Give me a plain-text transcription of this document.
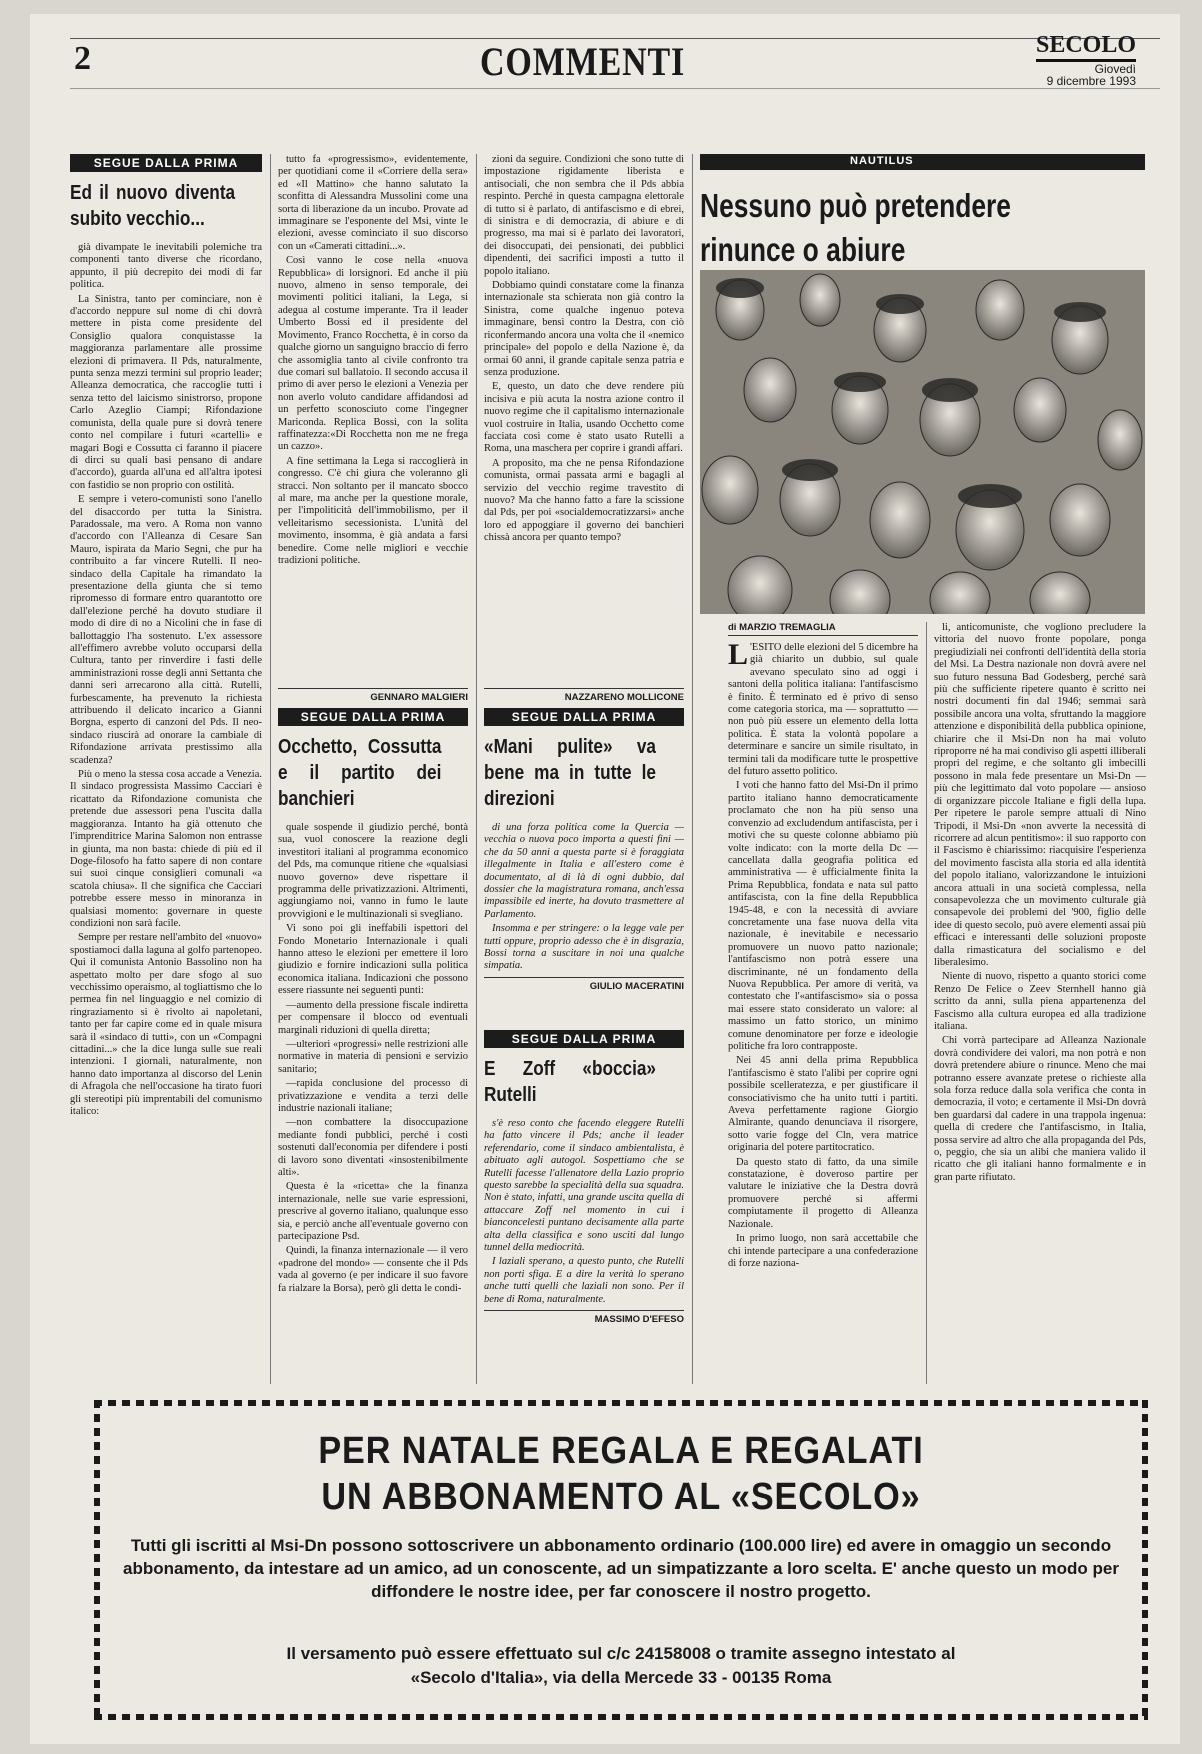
2	COMMENTI	SECOLO
Giovedì
9 dicembre 1993
SEGUE DALLA PRIMA
Ed il nuovo diventa subito vecchio...

già divampate le inevitabili polemiche tra componenti tanto diverse che ricordano, appunto, il più decrepito dei modi di far politica.

La Sinistra, tanto per cominciare, non è d'accordo neppure sul nome di chi dovrà mettere in pista come presidente del Consiglio qualora conquistasse la maggioranza parlamentare alle prossime elezioni di primavera. Il Pds, naturalmente, punta senza mezzi termini sul proprio leader; Alleanza democratica, che raccoglie tutti i senza tetto del laicismo sinistrorso, propone Carlo Azeglio Ciampi; Rifondazione comunista, della quale pure si dovrà tenere conto nel compilare i futuri «cartelli» e magari Bogi e Cossutta ci faranno il piacere di dirci su quali basi pensano di andare d'accordo), guarda all'una ed all'altra ipotesi con fastidio se non proprio con ostilità.

E sempre i vetero-comunisti sono l'anello del disaccordo per tutta la Sinistra. Paradossale, ma vero. A Roma non vanno d'accordo con l'Alleanza di Cesare San Mauro, ispirata da Mario Segni, che pur ha contribuito a far vincere Rutelli. Il neo-sindaco della Capitale ha rimandato la presentazione della giunta che si temo ripromesso di formare entro quarantotto ore dall'elezione perché ha dovuto studiare il modo di dire di no a Nicolini che in fase di ballottaggio l'ha sostenuto. L'ex assessore all'effimero avrebbe voluto occuparsi della Cultura, tanto per rinverdire i fasti delle amministrazioni rosse degli anni Settanta che danni seri arrecarono alla città. Rutelli, furbescamente, ha prevenuto la richiesta attribuendo il delicato incarico a Gianni Borgna, esperto di canzoni del Pds. Il neo-sindaco riuscirà ad onorare la cambiale di Rifondazione arrivata prestissimo alla scadenza?

Più o meno la stessa cosa accade a Venezia. Il sindaco progressista Massimo Cacciari è ricattato da Rifondazione comunista che pretende due assessori pena l'uscita dalla maggioranza. Intanto ha già ottenuto che l'imprenditrice Marina Salomon non entrasse in giunta, ma non basta: chiede di più ed il Doge-filosofo ha fatto sapere di non contare sui suoi cinque consiglieri comunali «a scatola chiusa». Il che significa che Cacciari potrebbe essere messo in minoranza in qualsiasi momento: governare in queste condizioni non sarà facile.

Sempre per restare nell'ambito del «nuovo» spostiamoci dalla laguna al golfo partenopeo. Qui il comunista Antonio Bassolino non ha aspettato molto per dare sfogo al suo vecchissimo operaismo, al togliattismo che lo permea fin nel linguaggio e nel comizio di ringraziamento si è rivolto ai napoletani, tanto per far capire come ed in quale misura sarà il «sindaco di tutti», con un «Compagni cittadini...» che la dice lunga sulle sue reali intenzioni. I giornali, naturalmente, non hanno dato importanza al discorso del Lenin di Afragola che nell'occasione ha tirato fuori gli stereotipi più imprentabili del comunismo italico:

tutto fa «progressismo», evidentemente, per quotidiani come il «Corriere della sera» ed «Il Mattino» che hanno salutato la sconfitta di Alessandra Mussolini come una sorta di liberazione da un incubo. Provate ad immaginare se l'esponente del Msi, vinte le elezioni, avesse cominciato il suo discorso con un «Camerati cittadini...».

Così vanno le cose nella «nuova Repubblica» di lorsignori. Ed anche il più nuovo, almeno in senso temporale, dei movimenti politici italiani, la Lega, si adegua al costume imperante. Tra il leader Umberto Bossi ed il presidente del Movimento, Franco Rocchetta, è in corso da qualche giorno un sanguigno braccio di ferro che assomiglia tanto al civile confronto tra due comari sul ballatoio. Il secondo accusa il primo di aver perso le elezioni a Venezia per non averlo voluto candidare affidandosi ad un perfetto sconosciuto come l'ingegner Mariconda. Replica Bossi, con la solita raffinatezza:«Di Rocchetta non me ne frega un cazzo».

A fine settimana la Lega si raccoglierà in congresso. C'è chi giura che voleranno gli stracci. Non soltanto per il mancato sbocco al mare, ma anche per la questione morale, per l'impoliticità dell'immobilismo, per il velleitarismo secessionista. L'unità del movimento, insomma, è già andata a farsi benedire. Come nelle migliori e vecchie tradizioni politiche.

GENNARO MALGIERI

zioni da seguire. Condizioni che sono tutte di impostazione rigidamente liberista e antisociali, che non sembra che il Pds abbia respinto. Perché in questa campagna elettorale di tutto si è parlato, di antifascismo e di ebrei, di sinistra e di democrazia, di abiure e di progresso, ma mai si è parlato dei lavoratori, dei disoccupati, dei pensionati, dei pubblici dipendenti, dei sacrifici imposti a tutto il popolo italiano.

Dobbiamo quindi constatare come la finanza internazionale sta schierata non già contro la Sinistra, come qualche ingenuo poteva immaginare, bensì contro la Destra, con ciò riconfermando ancora una volta che il «nemico principale» del popolo e della Nazione è, da ormai 60 anni, il grande capitale senza patria e senza produzione.

E, questo, un dato che deve rendere più incisiva e più acuta la nostra azione contro il nuovo regime che il capitalismo internazionale vuol costruire in Italia, usando Occhetto come facciata così come è stato usato Rutelli a Roma, una maschera per coprire i grandi affari.

A proposito, ma che ne pensa Rifondazione comunista, ormai passata armi e bagagli al servizio del vecchio regime travestito di nuovo? Ma che hanno fatto a fare la scissione dal Pds, per poi «socialdemocratizzarsi» anche loro ed appoggiare il governo dei banchieri chissà ancora per quanto tempo?

NAZZARENO MOLLICONE
SEGUE DALLA PRIMA
Occhetto, Cossutta e il partito dei banchieri

quale sospende il giudizio perché, bontà sua, vuol conoscere la reazione degli investitori italiani al programma economico del Pds, ma comunque ritiene che «qualsiasi nuovo governo» deve rispettare il programma delle privatizzazioni. Altrimenti, aggiungiamo noi, vanno in fumo le laute provvigioni e le multinazionali si svegliano.

Vi sono poi gli ineffabili ispettori del Fondo Monetario Internazionale i quali hanno atteso le elezioni per emettere il loro giudizio e fornire indicazioni sulla politica economica italiana. Indicazioni che possono essere riassunte nei seguenti punti:

—aumento della pressione fiscale indiretta per compensare il blocco od eventuali marginali riduzioni di quella diretta;

—ulteriori «progressi» nelle restrizioni alle normative in materia di pensioni e servizio sanitario;

—rapida conclusione del processo di privatizzazione e vendita a terzi delle industrie nazionali italiane;

—non combattere la disoccupazione mediante fondi pubblici, perché i costi sostenuti dall'economia per difendere i posti di lavoro sono diventati «insostenibilmente alti».

Questa è la «ricetta» che la finanza internazionale, nelle sue varie espressioni, prescrive al governo italiano, qualunque esso sia, e perciò anche all'eventuale governo con partecipazione Psd.

Quindi, la finanza internazionale — il vero «padrone del mondo» — consente che il Pds vada al governo (e per indicare il suo favore fa rialzare la Borsa), però gli detta le condi-

SEGUE DALLA PRIMA
«Mani pulite» va bene ma in tutte le direzioni

di una forza politica come la Quercia — vecchia o nuova poco importa a questi fini — che da 50 anni a questa parte si è foraggiata illegalmente in Italia e all'estero come è documentato, al di là di ogni dubbio, dal dossier che la magistratura romana, anch'essa impassibile ed inerte, ha dovuto trasmettere al Parlamento.

Insomma e per stringere: o la legge vale per tutti oppure, proprio adesso che è in disgrazia, Bossi torna a suscitare in noi una qualche simpatia.

GIULIO MACERATINI
SEGUE DALLA PRIMA
E Zoff «boccia» Rutelli

s'è reso conto che facendo eleggere Rutelli ha fatto vincere il Pds; anche il leader referendario, come il sindaco ambientalista, è abituato agli autogol. Sospettiamo che se Rutelli facesse l'allenatore della Lazio proprio questo sarebbe la specialità della sua squadra. Non è stato, infatti, una grande uscita quella di attaccare Zoff nel momento in cui i bianconcelesti puntano decisamente alla parte alta della classifica e sono usciti dal lungo tunnel della mediocrità.

I laziali sperano, a questo punto, che Rutelli non porti sfiga. E a dire la verità lo sperano anche tutti quelli che laziali non sono. Per il bene di Roma, naturalmente.

MASSIMO D'EFESO
NAUTILUS
Nessuno può pretendere rinunce o abiure
di MARZIO TREMAGLIA

L 'ESITO delle elezioni del 5 dicembre ha già chiarito un dubbio, sul quale avevano speculato sino ad oggi i santoni della politica italiana: l'antifascismo è finito. È terminato ed è privo di senso come categoria storica, ma — soprattutto — non può più essere un elemento della lotta politica. È stata la volontà popolare a determinare e sancire un simile risultato, in termini tali da modificare tutte le prospettive del futuro assetto politico.

I voti che hanno fatto del Msi-Dn il primo partito italiano hanno democraticamente proclamato che non ha più senso una convenzio ad excludendum antifascista, per i motivi che su queste colonne abbiamo più volte indicato: con la morte della Dc — cancellata dalla geografia politica ed amministrativa — è ufficialmente finita la Prima Repubblica, fondata e nata sul patto antifascista, con la fine della Repubblica 1945-48, e con la necessità di avviare concretamente una fase nuova della vita nazionale, è inevitabile e necessario promuovere un nuovo patto nazionale; l'antifascismo non potrà essere una discriminante, né un fondamento della Nuova Repubblica. Per amore di verità, va contestato che l'«antifascismo» sia o possa mai essere stato considerato un valore: al massimo un fatto storico, un minimo comune denominatore per forze e ideologie politiche fra loro contrapposte.

Nei 45 anni della prima Repubblica l'antifascismo è stato l'alibi per coprire ogni possibile scelleratezza, e per giustificare il consociativismo che ha unito tutti i partiti. Aveva perfettamente ragione Giorgio Almirante, quando denunciava il risorgere, sotto varie fogge del Cln, vera matrice originaria del potere partitocratico.

Da questo stato di fatto, da una simile constatazione, è doveroso partire per valutare le iniziative che la Destra dovrà promuovere perché si affermi compiutamente il progetto di Alleanza Nazionale.

In primo luogo, non sarà accettabile che chi intende partecipare a una confederazione di forze naziona-

li, anticomuniste, che vogliono precludere la vittoria del nuovo fronte popolare, ponga pregiudiziali nei confronti dell'identità della storia del Msi. La Destra nazionale non dovrà avere nel suo futuro nessuna Bad Godesberg, perché sarà più che sufficiente ripetere quanto è scritto nei nostri documenti fin dal 1946; semmai sarà possibile ancora una volta, sfruttando la maggiore attenzione e disponibilità della pubblica opinione, chiarire che il Msi-Dn non ha mai voluto riproporre né ha mai condiviso gli aspetti illiberali propri del regime, e che soltanto gli imbecilli possono in mala fede presentare un Msi-Dn — più che legittimato dal voto popolare — ansioso di organizzare piccole Italiane e figli della lupa. Per ripetere le parole sempre attuali di Nino Tripodi, il Msi-Dn «non avverte la necessità di ricorrere ad alcun pentitismo»: il suo rapporto con il Fascismo è chiarissimo: riacquisire l'esperienza del movimento fascista alla storia ed alla identità del popolo italiano, valorizzandone le intuizioni ancora attuali in una società complessa, nella consapevolezza che un movimento culturale già consapevole dei problemi del '900, figlio delle idee di questo secolo, può avere elementi assai più efficaci e interessanti delle soluzioni proposte dalla rimasticatura del socialismo e del liberalesimo.

Niente di nuovo, rispetto a quanto storici come Renzo De Felice o Zeev Sternhell hanno già scritto da anni, sulla piena appartenenza del Fascismo alla cultura europea ed alla tradizione italiana.

Chi vorrà partecipare ad Alleanza Nazionale dovrà condividere dei valori, ma non potrà e non dovrà pretendere abiure o rinunce. Meno che mai potranno essere avanzate pretese o richieste alla sola forza reduce dalla sola verifica che conta in democrazia, il voto; e certamente il Msi-Dn dovrà ben guardarsi dal cadere in una trappola ingenua: quella di credere che l'antifascismo, in Italia, possa servire ad altro che alla propaganda del Pds, o, peggio, che sia un alibi che maniera valido il ricatto che gli italiani hanno formalmente e in gran parte rifiutato.

PER NATALE REGALA E REGALATI
UN ABBONAMENTO AL «SECOLO»
Tutti gli iscritti al Msi-Dn possono sottoscrivere un abbonamento ordinario (100.000 lire) ed avere in omaggio un secondo abbonamento, da intestare ad un amico, ad un conoscente, ad un simpatizzante a loro scelta. E' anche questo un modo per diffondere le nostre idee, per far conoscere il nostro progetto.
Il versamento può essere effettuato sul c/c 24158008 o tramite assegno intestato al
«Secolo d'Italia», via della Mercede 33 - 00135 Roma
